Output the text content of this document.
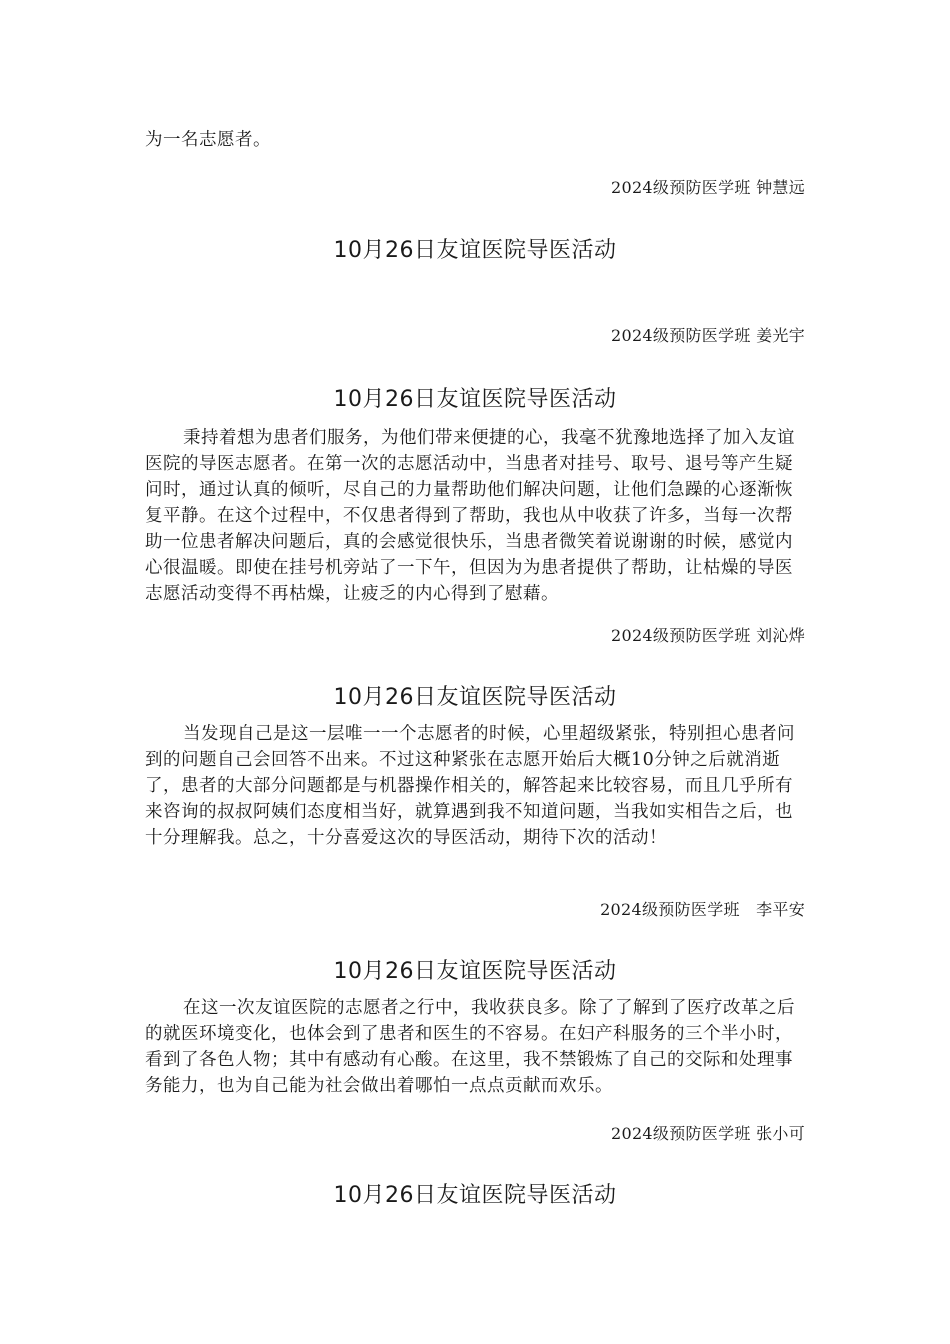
为一名志愿者。

2024级预防医学班 钟慧远
10月26日友谊医院导医活动
2024级预防医学班 姜光宇
10月26日友谊医院导医活动

秉持着想为患者们服务，为他们带来便捷的心，我毫不犹豫地选择了加入友谊医院的导医志愿者。在第一次的志愿活动中，当患者对挂号、取号、退号等产生疑问时，通过认真的倾听，尽自己的力量帮助他们解决问题，让他们急躁的心逐渐恢复平静。在这个过程中，不仅患者得到了帮助，我也从中收获了许多，当每一次帮助一位患者解决问题后，真的会感觉很快乐，当患者微笑着说谢谢的时候，感觉内心很温暖。即使在挂号机旁站了一下午，但因为为患者提供了帮助，让枯燥的导医志愿活动变得不再枯燥，让疲乏的内心得到了慰藉。

2024级预防医学班 刘沁烨
10月26日友谊医院导医活动

当发现自己是这一层唯一一个志愿者的时候，心里超级紧张，特别担心患者问到的问题自己会回答不出来。不过这种紧张在志愿开始后大概10分钟之后就消逝了，患者的大部分问题都是与机器操作相关的，解答起来比较容易，而且几乎所有来咨询的叔叔阿姨们态度相当好，就算遇到我不知道问题，当我如实相告之后，也十分理解我。总之，十分喜爱这次的导医活动，期待下次的活动！

2024级预防医学班　李平安
10月26日友谊医院导医活动

在这一次友谊医院的志愿者之行中，我收获良多。除了了解到了医疗改革之后的就医环境变化，也体会到了患者和医生的不容易。在妇产科服务的三个半小时，看到了各色人物；其中有感动有心酸。在这里，我不禁锻炼了自己的交际和处理事务能力，也为自己能为社会做出着哪怕一点点贡献而欢乐。

2024级预防医学班 张小可
10月26日友谊医院导医活动
